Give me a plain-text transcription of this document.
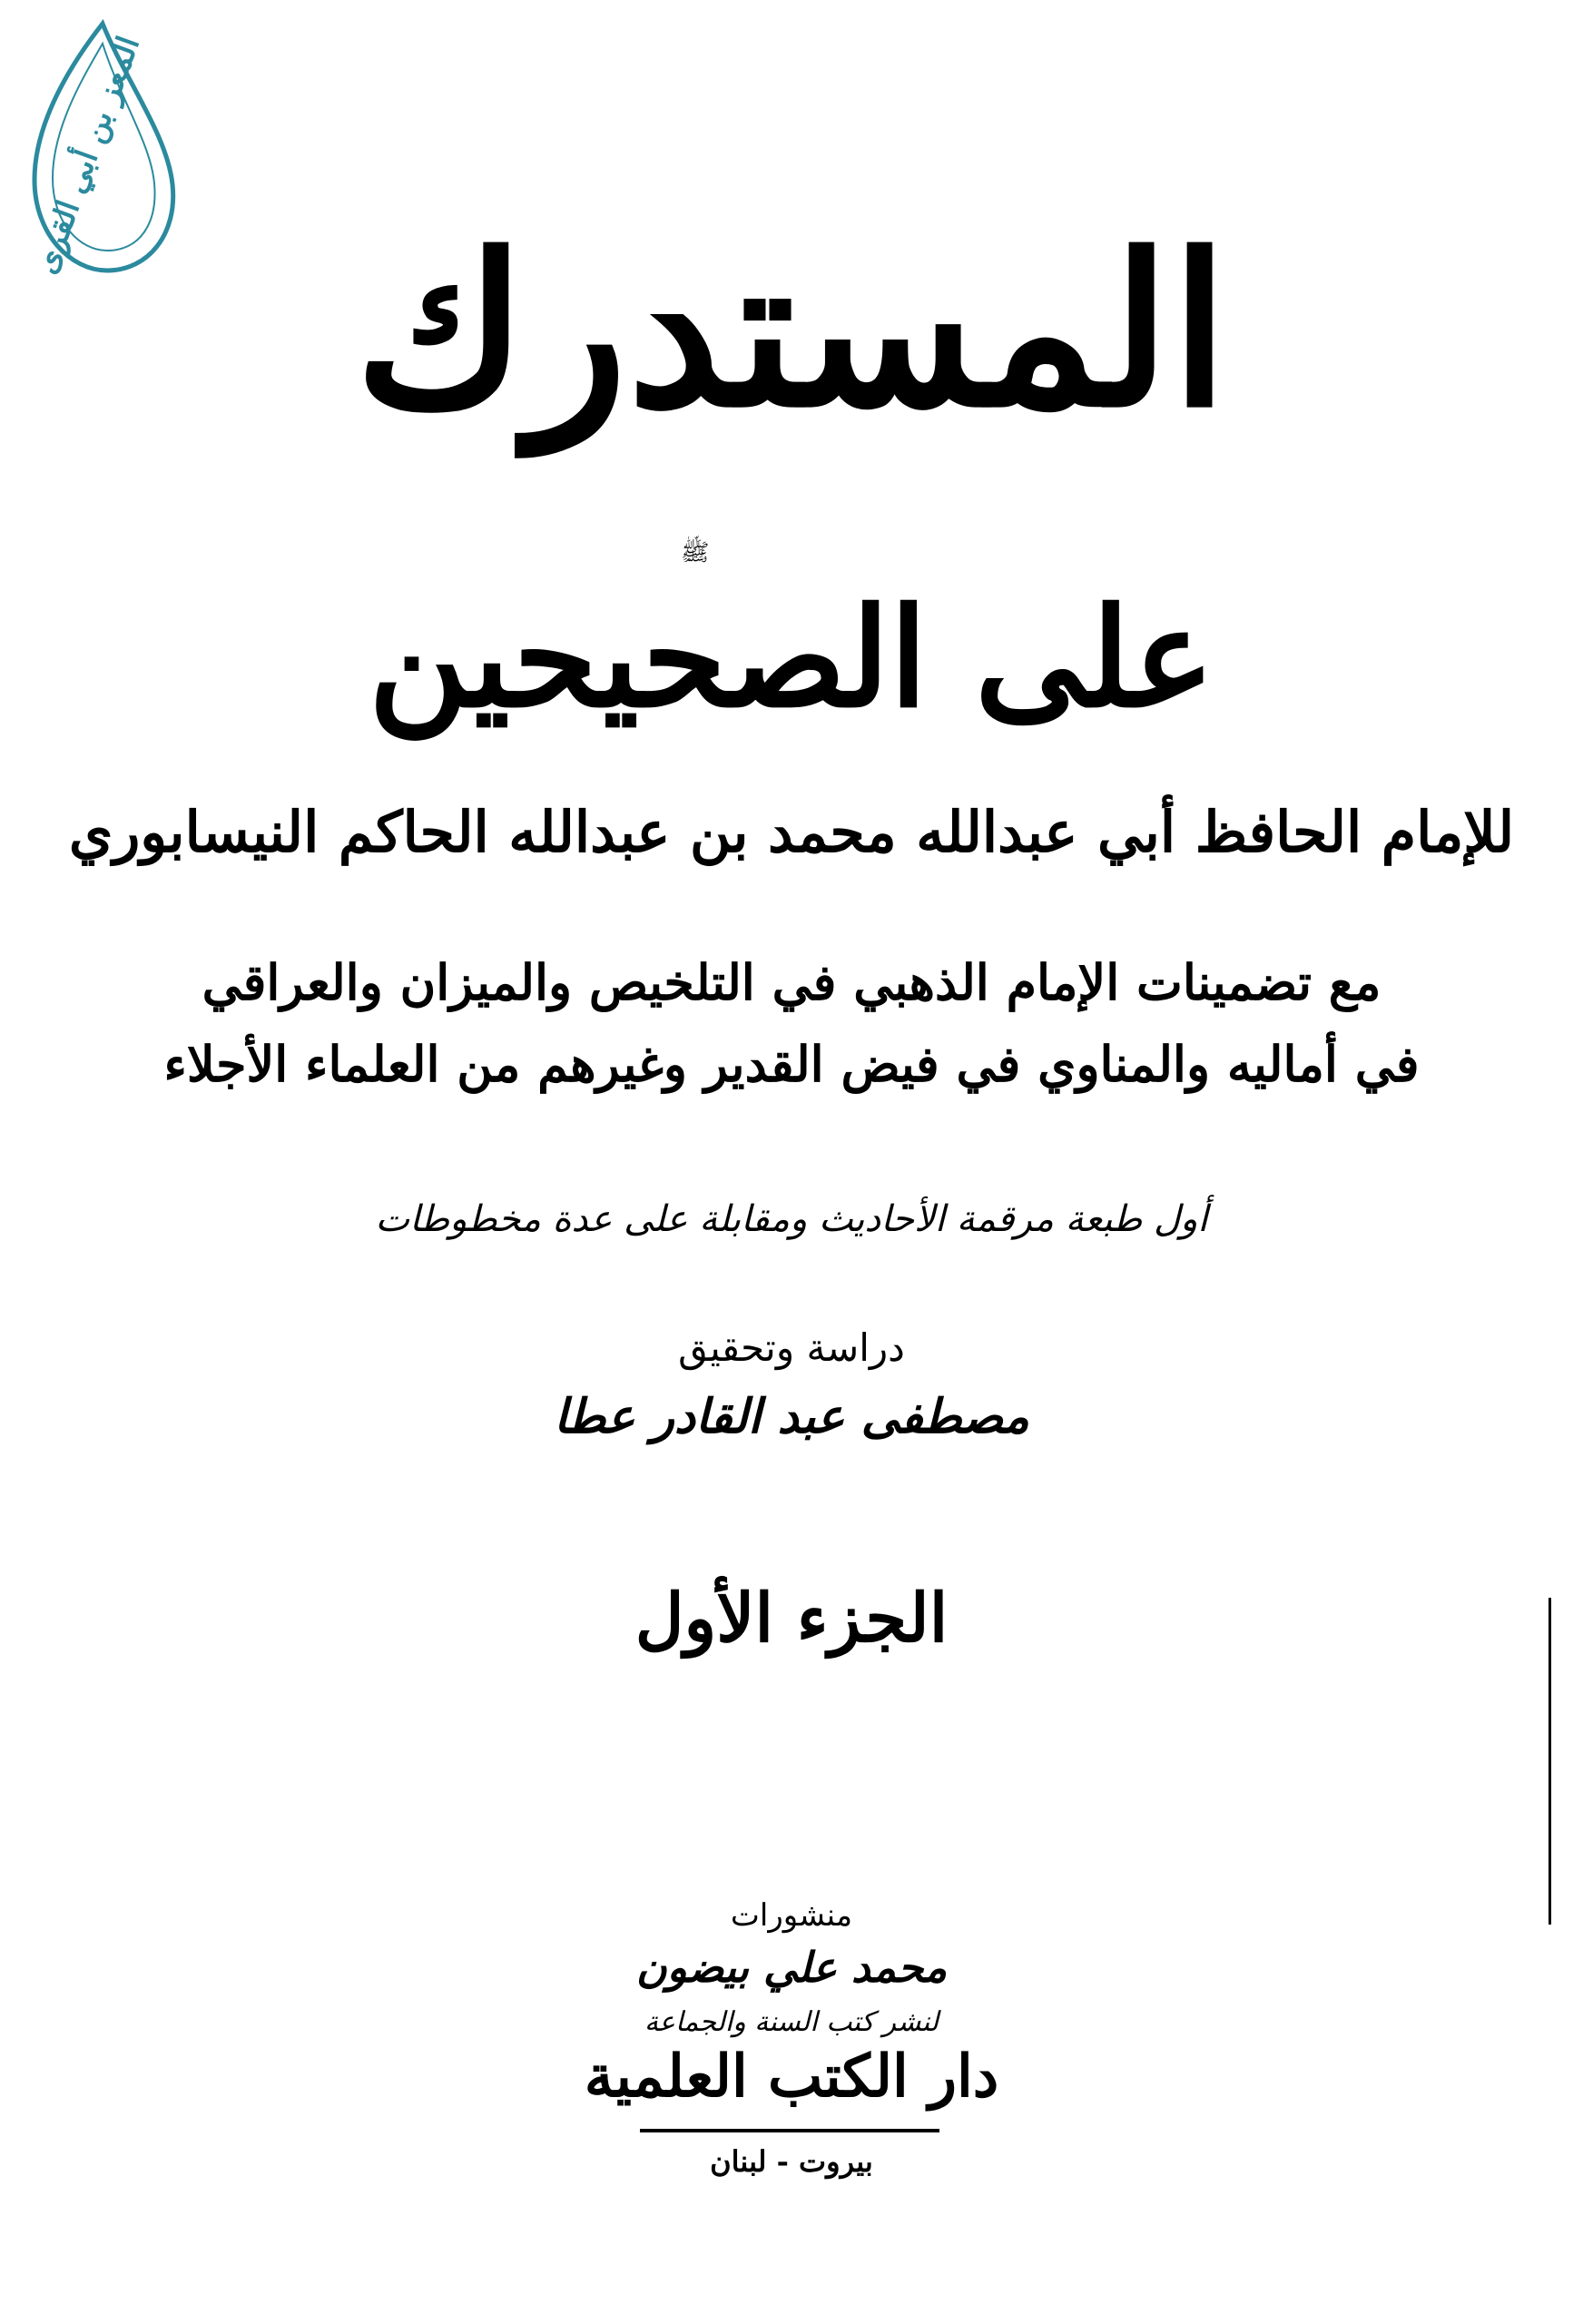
المعز بن أبي القرى
المستدرك
ﷺ
على الصحيحين
للإمام الحافظ أبي عبدالله محمد بن عبدالله الحاكم النيسابوري
مع تضمينات الإمام الذهبي في التلخيص والميزان والعراقي
في أماليه والمناوي في فيض القدير وغيرهم من العلماء الأجلاء
أول طبعة مرقمة الأحاديث ومقابلة على عدة مخطوطات
دراسة وتحقيق
مصطفى عبد القادر عطا
الجزء الأول
منشورات
محمد علي بيضون
لنشر كتب السنة والجماعة
دار الكتب العلمية
بيروت - لبنان
